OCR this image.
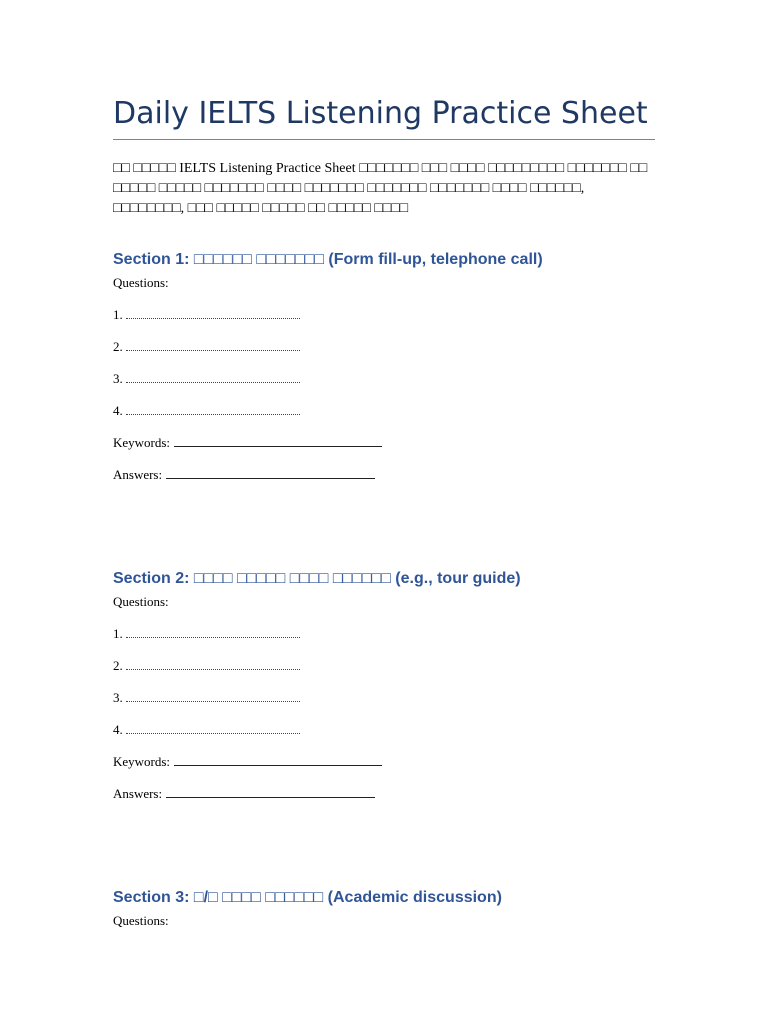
Daily IELTS Listening Practice Sheet

□□ □□□□□ IELTS Listening Practice Sheet □□□□□□□ □□□ □□□□ □□□□□□□□□ □□□□□□□ □□ □□□□□ □□□□□ □□□□□□□ □□□□ □□□□□□□ □□□□□□□ □□□□□□□ □□□□ □□□□□□, □□□□□□□□, □□□ □□□□□ □□□□□ □□ □□□□□ □□□□

Section 1: □□□□□□ □□□□□□□ (Form fill-up, telephone call)

Questions:

1.

2.

3.

4.

Keywords:

Answers:

Section 2: □□□□ □□□□□ □□□□ □□□□□□ (e.g., tour guide)

Questions:

1.

2.

3.

4.

Keywords:

Answers:

Section 3: □/□ □□□□ □□□□□□ (Academic discussion)

Questions:
